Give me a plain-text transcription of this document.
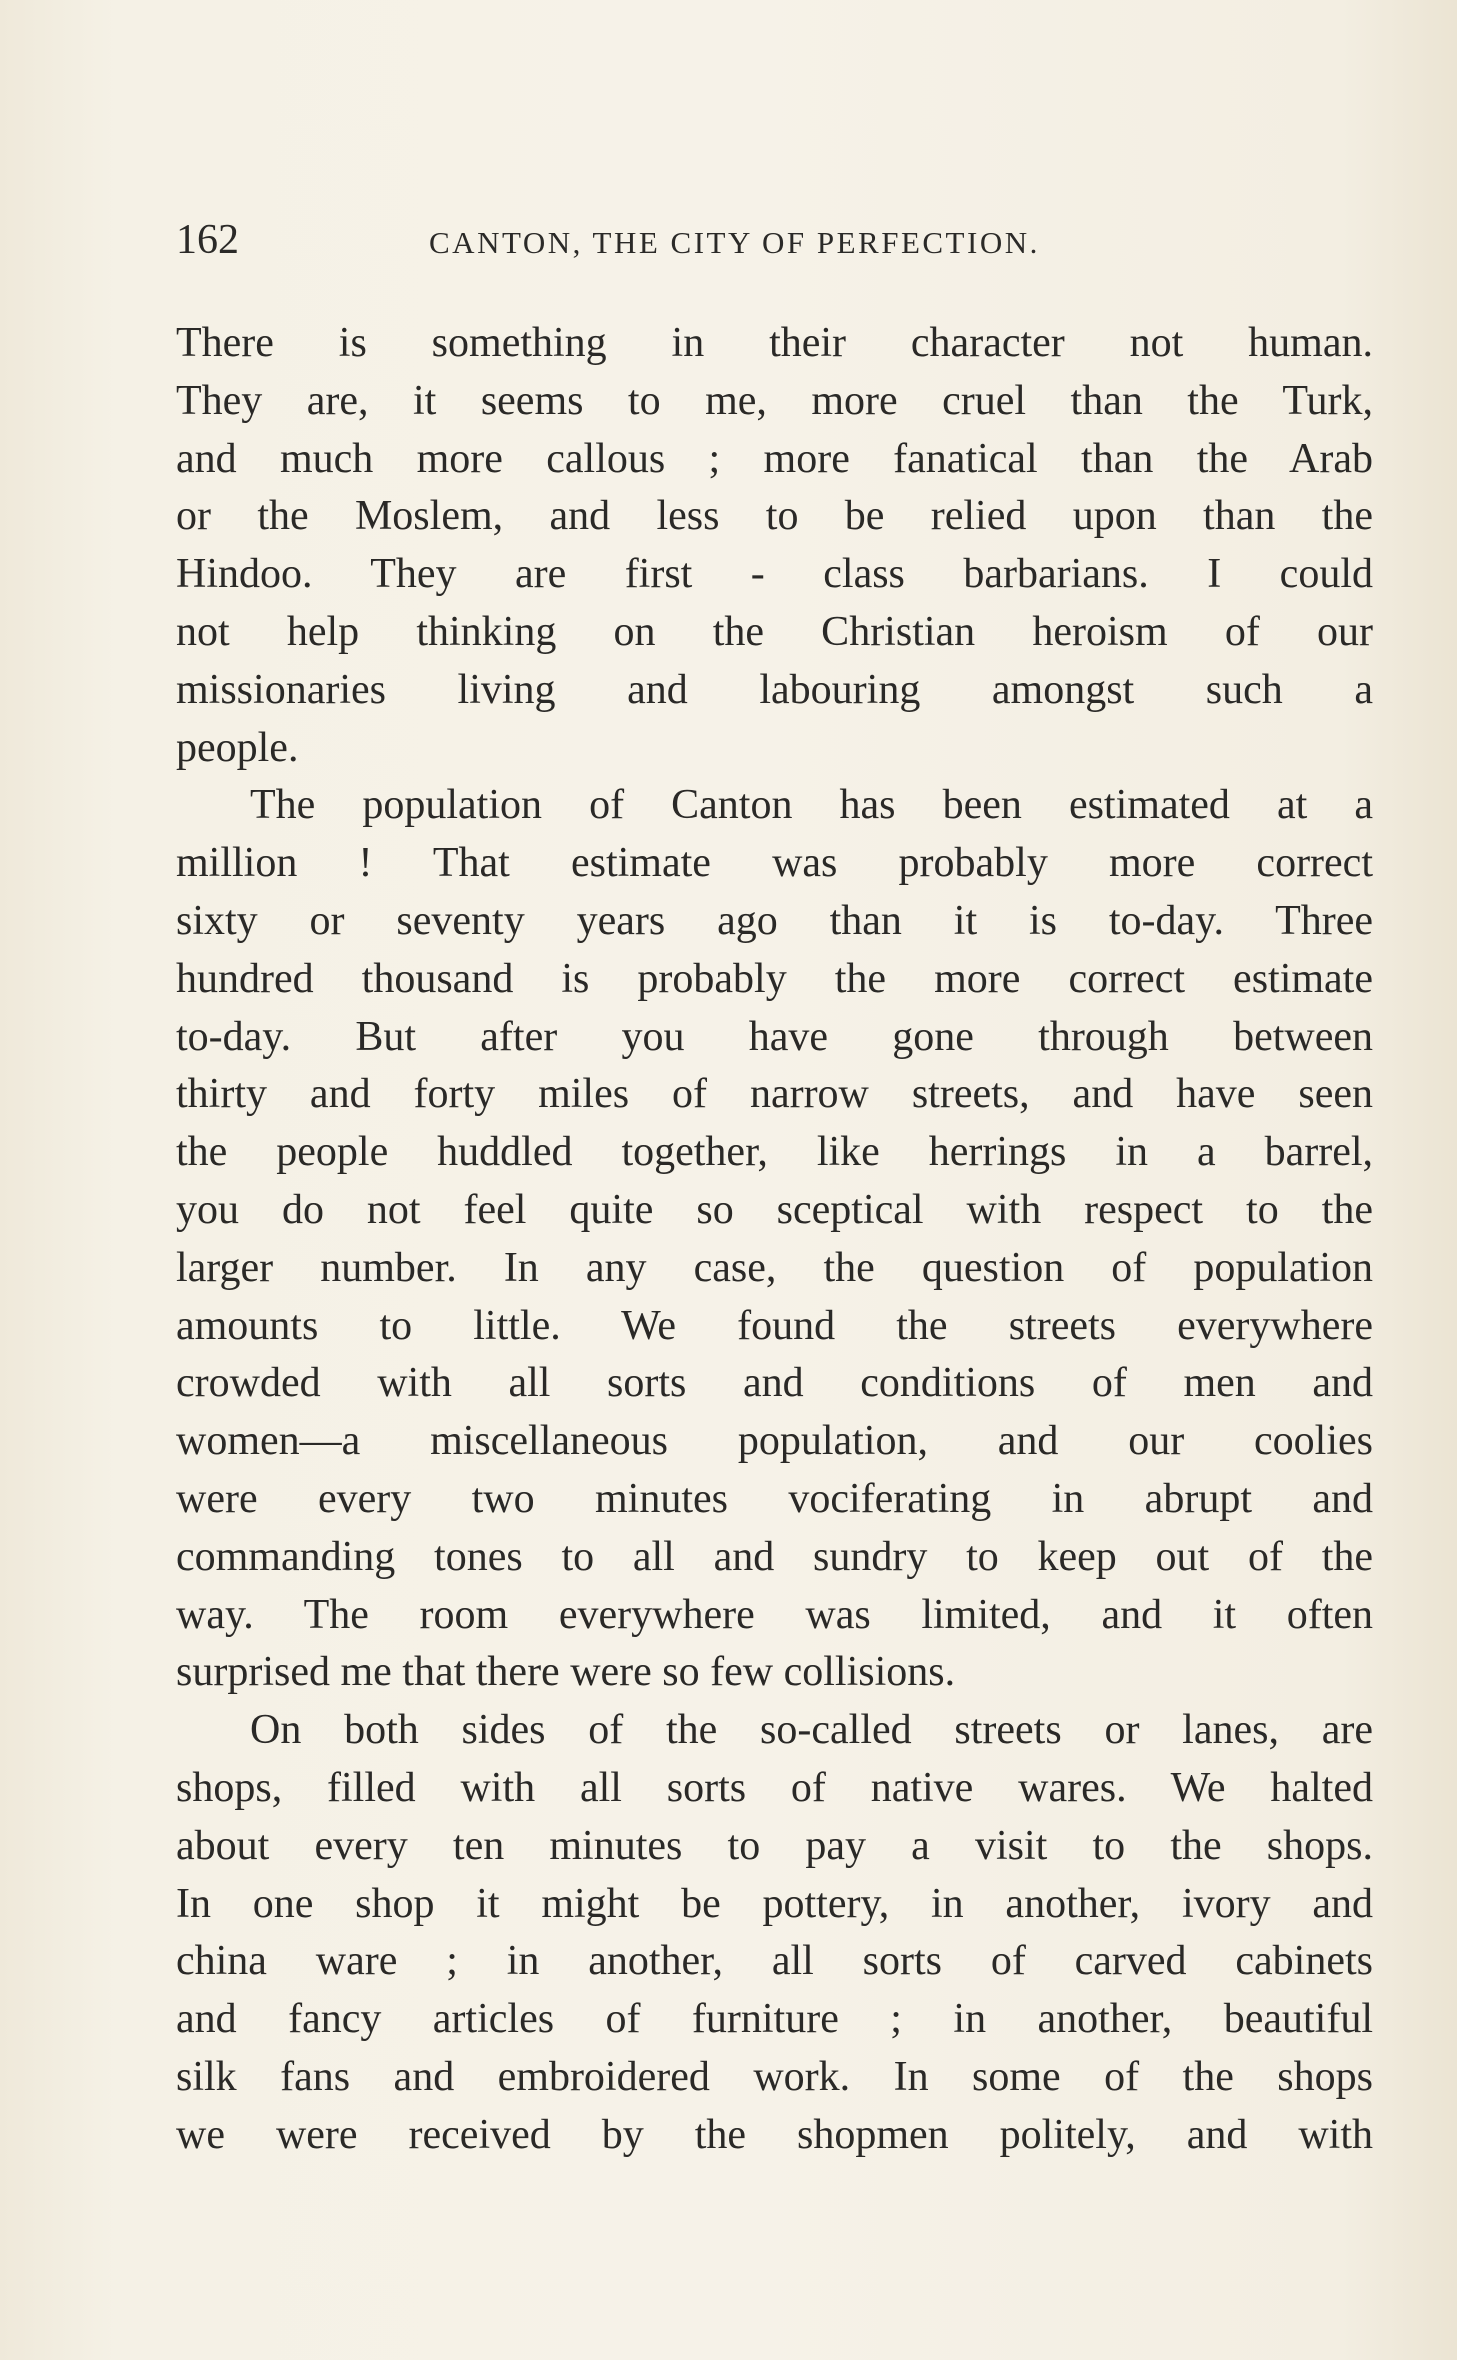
162	CANTON, THE CITY OF PERFECTION.
There is something in their character not human.
They are, it seems to me, more cruel than the Turk,
and much more callous ; more fanatical than the Arab
or the Moslem, and less to be relied upon than the
Hindoo. They are first - class barbarians. I could
not help thinking on the Christian heroism of our
missionaries living and labouring amongst such a
people.
The population of Canton has been estimated at a
million ! That estimate was probably more correct
sixty or seventy years ago than it is to-day. Three
hundred thousand is probably the more correct estimate
to-day. But after you have gone through between
thirty and forty miles of narrow streets, and have seen
the people huddled together, like herrings in a barrel,
you do not feel quite so sceptical with respect to the
larger number. In any case, the question of population
amounts to little. We found the streets everywhere
crowded with all sorts and conditions of men and
women—a miscellaneous population, and our coolies
were every two minutes vociferating in abrupt and
commanding tones to all and sundry to keep out of the
way. The room everywhere was limited, and it often
surprised me that there were so few collisions.
On both sides of the so-called streets or lanes, are
shops, filled with all sorts of native wares. We halted
about every ten minutes to pay a visit to the shops.
In one shop it might be pottery, in another, ivory and
china ware ; in another, all sorts of carved cabinets
and fancy articles of furniture ; in another, beautiful
silk fans and embroidered work. In some of the shops
we were received by the shopmen politely, and with
